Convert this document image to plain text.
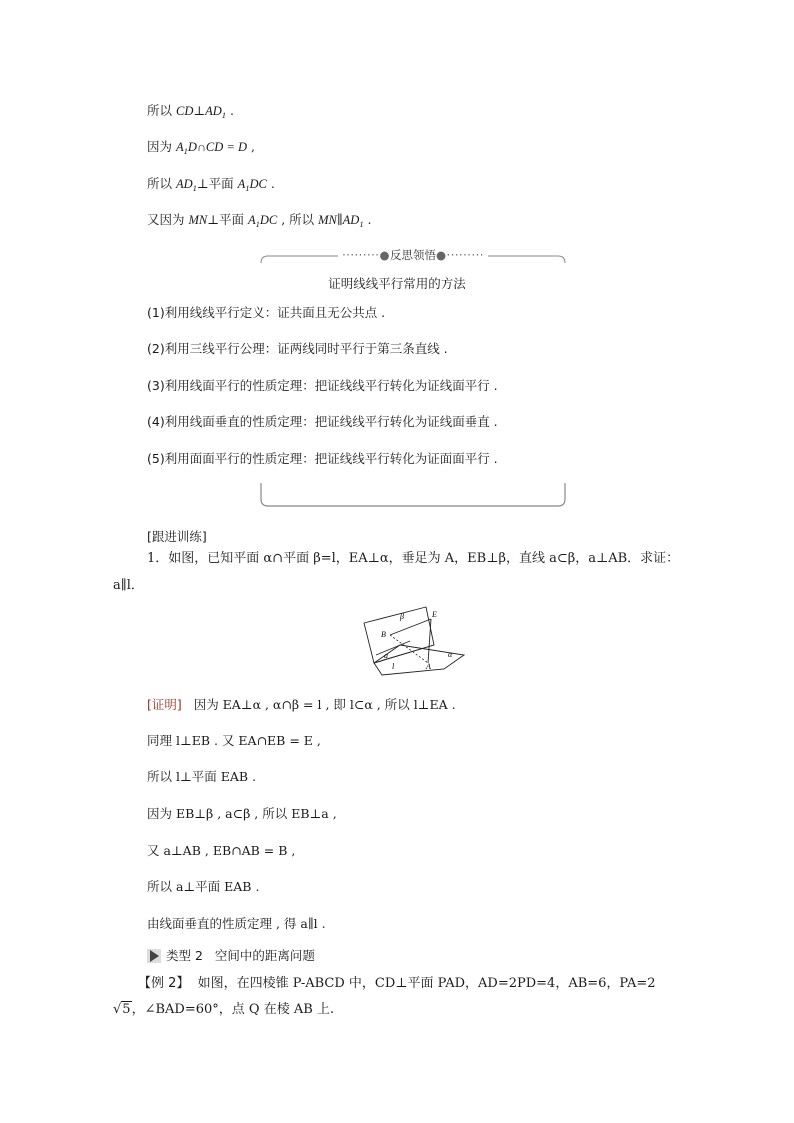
所以 $CD\perp AD_1$ .
因为 $A_1D\cap CD = D$ ,
所以 $AD_1\perp$平面 $A_1DC$ .
又因为 MN⊥平面 $A_1DC$ , 所以 $MN\parallel AD_1$ .
·········●反思领悟●·········
证明线线平行常用的方法
(1)利用线线平行定义：证共面且无公共点 .
(2)利用三线平行公理：证两线同时平行于第三条直线 .
(3)利用线面平行的性质定理：把证线线平行转化为证线面平行 .
(4)利用线面垂直的性质定理：把证线线平行转化为证线面垂直 .
(5)利用面面平行的性质定理：把证线线平行转化为证面面平行 .
[跟进训练]
1．如图，已知平面 α∩平面 β=l，EA⊥α，垂足为 A，EB⊥β，直线 a⊂β，a⊥AB．求证：
a∥l．
β	E
B
a
l	A
α
[证明] 因为 EA⊥α , α∩β = l , 即 l⊂α , 所以 l⊥EA .
同理 l⊥EB . 又 EA∩EB = E ,
所以 l⊥平面 EAB .
因为 EB⊥β , a⊂β , 所以 EB⊥a ,
又 a⊥AB , EB∩AB = B ,
所以 a⊥平面 EAB .
由线面垂直的性质定理 , 得 a∥l .
类型 2 空间中的距离问题
【例 2】 如图，在四棱锥 P-ABCD 中，CD⊥平面 PAD，AD=2PD=4，AB=6，PA=2
√5，∠BAD=60°，点 Q 在棱 AB 上.
